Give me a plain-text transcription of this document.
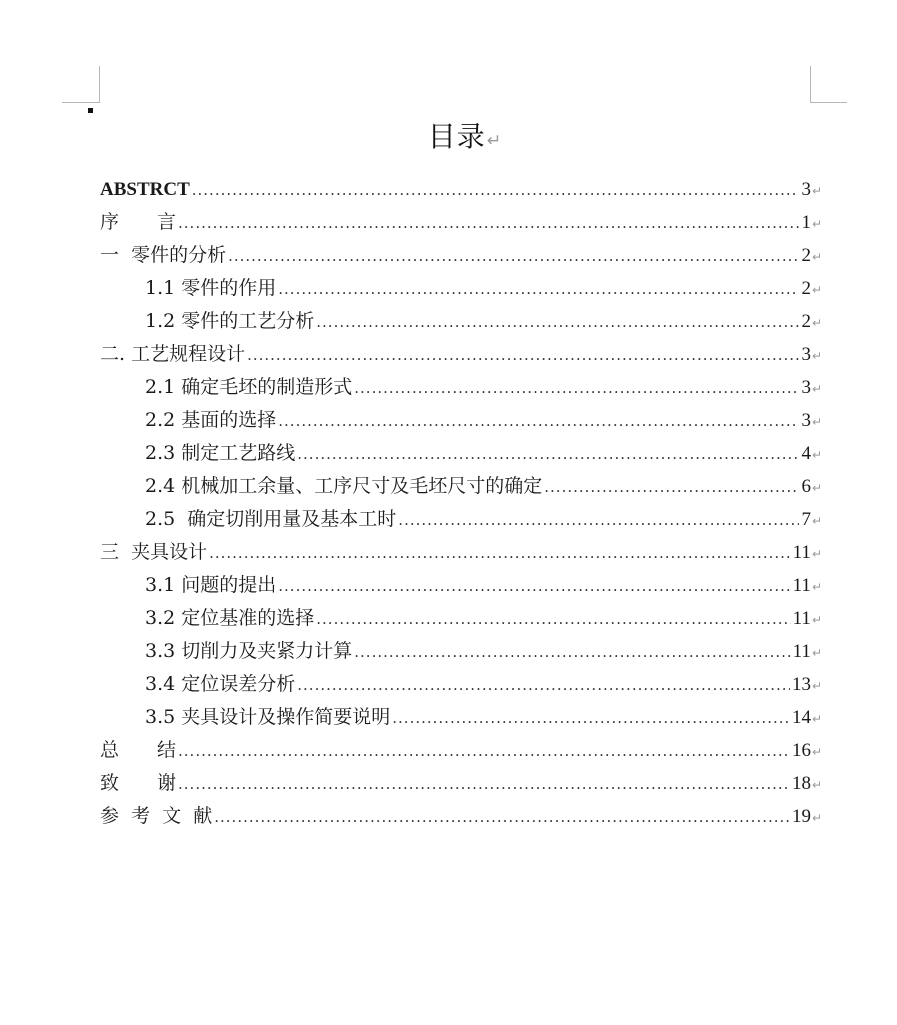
目录↵
ABSTRCT .....	3↵
序　　言 .....	1↵
一  零件的分析 .....	2↵
1.1 零件的作用 .....	2↵
1.2 零件的工艺分析 .....	2↵
二. 工艺规程设计 .....	3↵
2.1 确定毛坯的制造形式 .....	3↵
2.2 基面的选择 .....	3↵
2.3 制定工艺路线 .....	4↵
2.4 机械加工余量、工序尺寸及毛坯尺寸的确定 .....	6↵
2.5  确定切削用量及基本工时 .....	7↵
三  夹具设计 .....	11↵
3.1 问题的提出 .....	11↵
3.2 定位基准的选择 .....	11↵
3.3 切削力及夹紧力计算 .....	11↵
3.4 定位误差分析 .....	13↵
3.5 夹具设计及操作简要说明 .....	14↵
总　　结 .....	16↵
致　　谢 .....	18↵
参  考  文  献 .....	19↵
